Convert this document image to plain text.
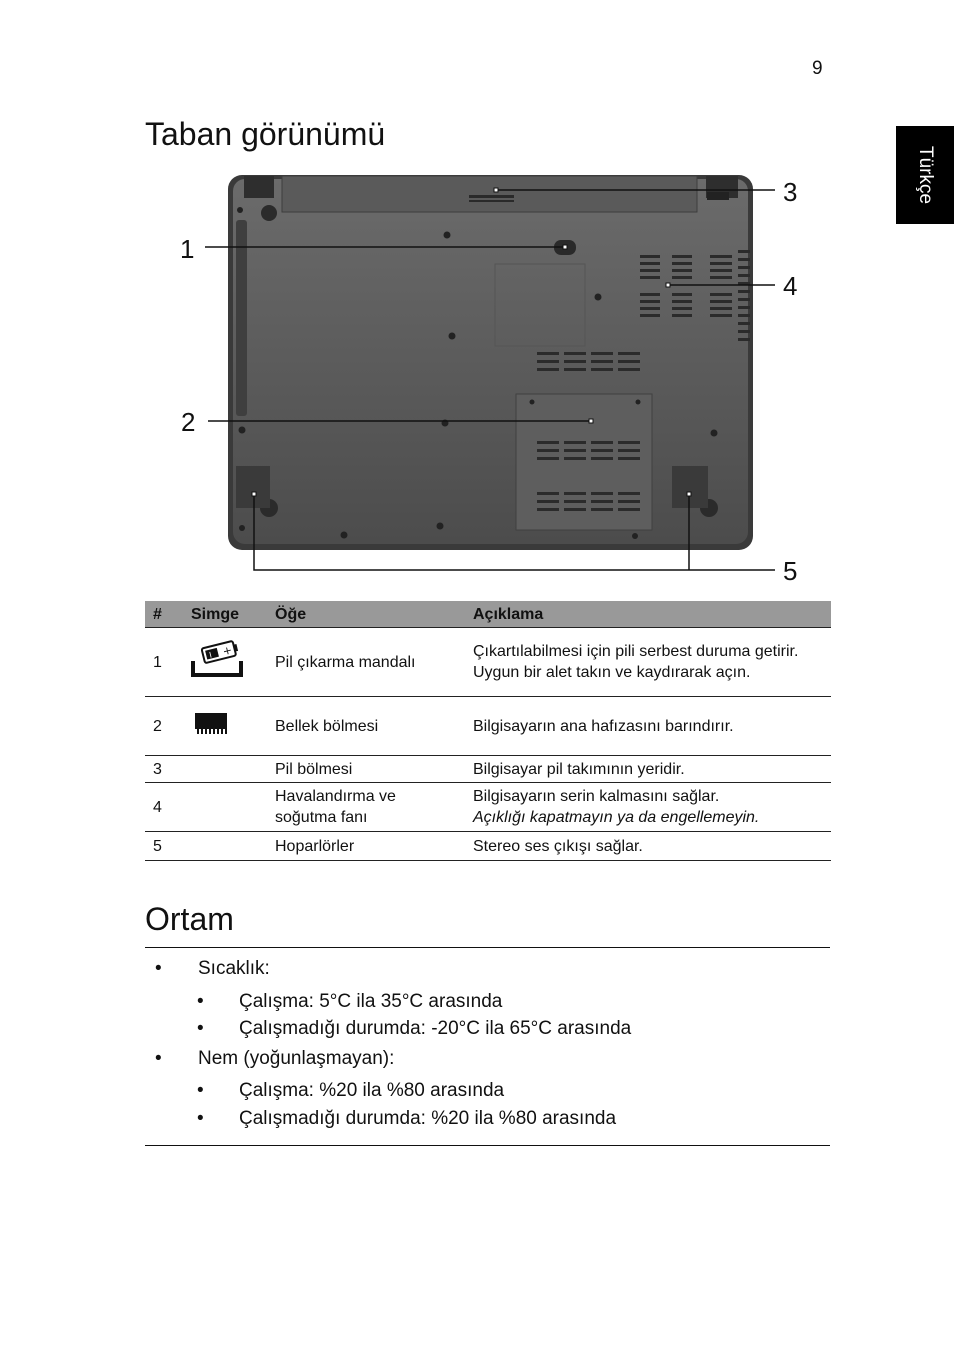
9
Türkçe
Taban görünümü
1
2
3
4
5
#	Simge	Öğe	Açıklama
1	I +	Pil çıkarma mandalı	Çıkartılabilmesi için pili serbest duruma getirir. Uygun bir alet takın ve kaydırarak açın.
2		Bellek bölmesi	Bilgisayarın ana hafızasını barındırır.
3		Pil bölmesi	Bilgisayar pil takımının yeridir.
4		Havalandırma ve soğutma fanı	Bilgisayarın serin kalmasını sağlar.
Açıklığı kapatmayın ya da engellemeyin.

5		Hoparlörler	Stereo ses çıkışı sağlar.
Ortam
• Sıcaklık:
• Çalışma: 5°C ila 35°C arasında
• Çalışmadığı durumda: -20°C ila 65°C arasında
• Nem (yoğunlaşmayan):
• Çalışma: %20 ila %80 arasında
• Çalışmadığı durumda: %20 ila %80 arasında
